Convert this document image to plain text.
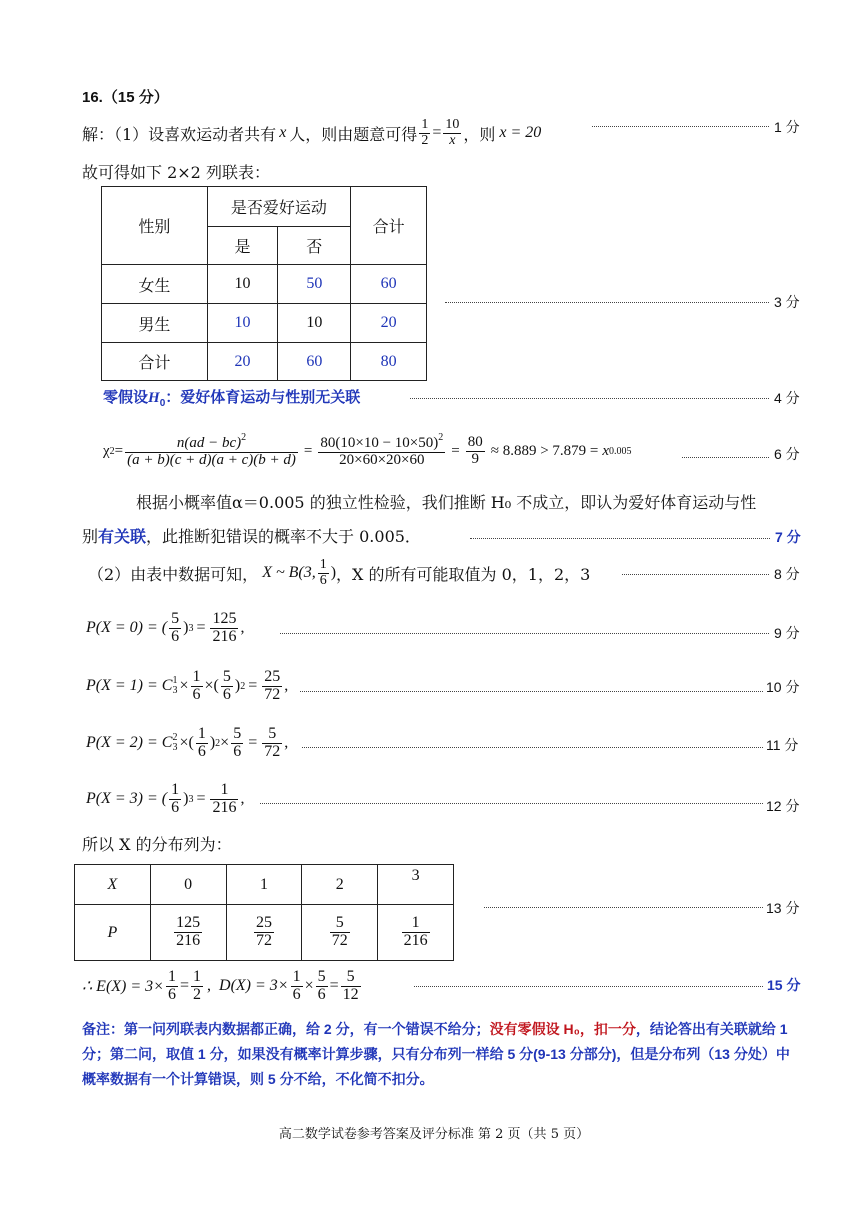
16.（15 分）
解：（1）设喜欢运动者共有 x 人，则由题意可得 $\frac{1}{2} = \frac{10}{x}$ ，则 x = 20	1 分
故可得如下 2×2 列联表：
性别	是否爱好运动		合计
	是	否	
女生	10	50	60
男生	10	10	20
合计	20	60	80
3 分
零假设$H_0$：爱好体育运动与性别无关联	4 分
χ $2 = \frac{n(ad - bc)^2}{(a + b)(c + d)(a + c)(b + d)} = \frac{80(10\times 10 - 10\times 50)^2}{20\times 60\times 20\times 60} = \frac{80}{9} \approx 8.889 > 7.879 = x$ 0.005	6 分
根据小概率值α＝0.005 的独立性检验，我们推断 H₀ 不成立，即认为爱好体育运动与性
别有关联，此推断犯错误的概率不大于 0.005．	7 分
（2）由表中数据可知， X ~ B(3, $\frac{1}{6}$ ) ，X 的所有可能取值为 0，1，2，3	8 分
P(X = 0) = ( $\frac{5}{6}$ ) $3 = \frac{125}{216}$ ,	9 分
P(X = 1) = C 1
$3 \times \frac{1}{6}$ ×( $\frac{5}{6}$ ) $2 = \frac{25}{72}$ ,	10 分
P(X = 2) = C 2
3 ×( $\frac{1}{6}$ ) $2 \times \frac{5}{6} = \frac{5}{72}$ ,	11 分
P(X = 3) = ( $\frac{1}{6}$ ) $3 = \frac{1}{216}$ ,	12 分
所以 X 的分布列为：
X	0	1	2	3
P	$\frac{125}{216}$	$\frac{25}{72}$	$\frac{5}{72}$	$\frac{1}{216}$
13 分
∴ $E(X) = 3\times \frac{1}{6} = \frac{1}{2}$ , $D(X) = 3\times \frac{1}{6} \times \frac{5}{6} = \frac{5}{12}$	15 分
备注：第一问列联表内数据都正确，给 2 分，有一个错误不给分；没有零假设 H₀，扣一分，结论答出有关联就给 1 分；第二问，取值 1 分，如果没有概率计算步骤，只有分布列一样给 5 分(9-13 分部分)，但是分布列（13 分处）中概率数据有一个计算错误，则 5 分不给，不化简不扣分。
高二数学试卷参考答案及评分标准 第 2 页（共 5 页）
